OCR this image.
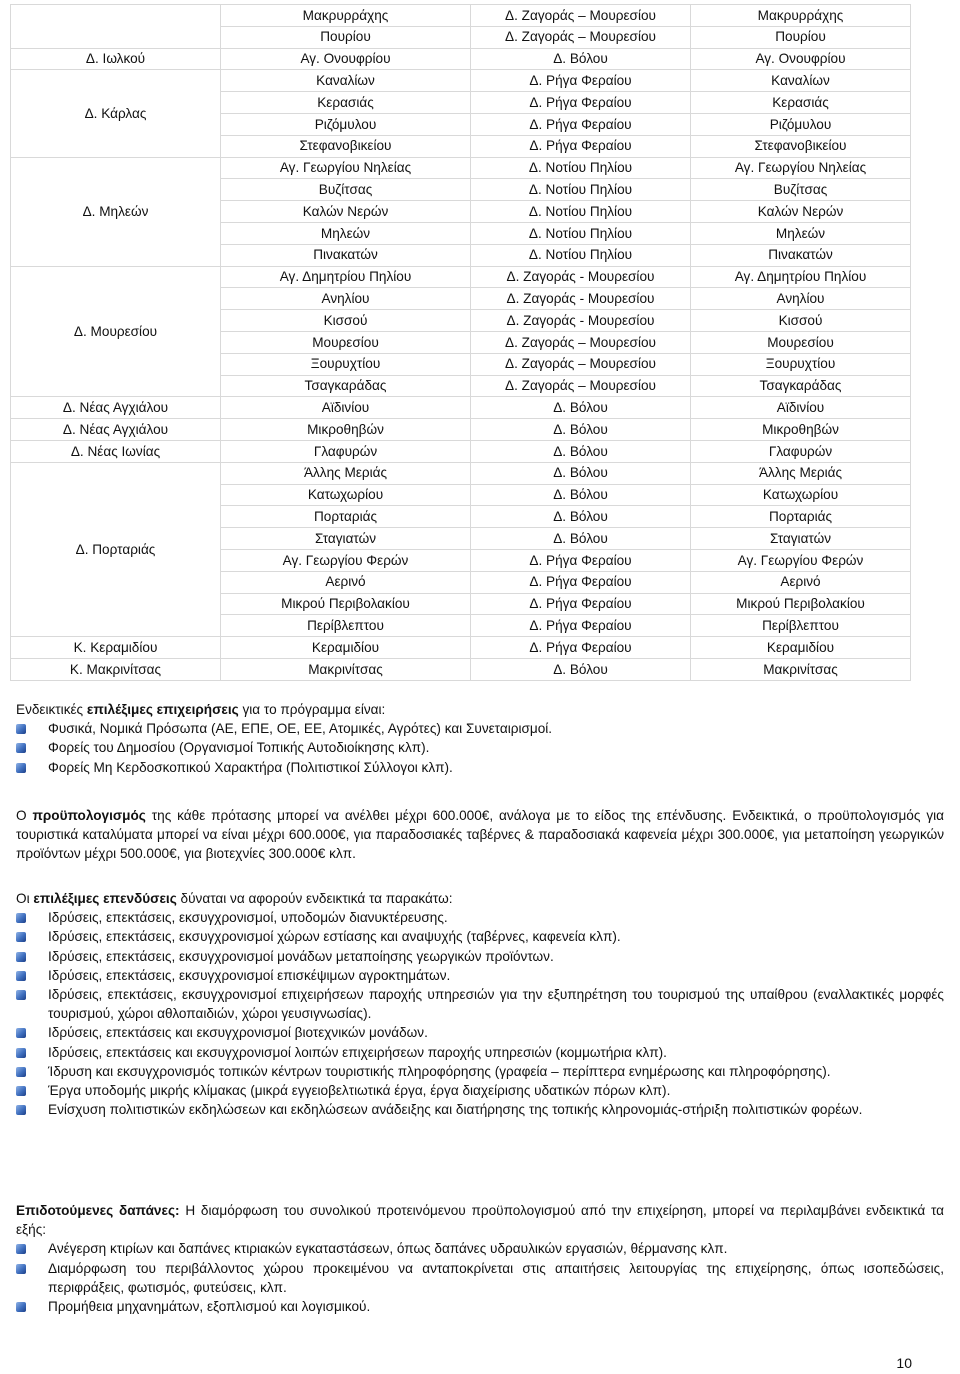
	Μακρυρράχης	Δ. Ζαγοράς – Μουρεσίου	Μακρυρράχης
	Πουρίου	Δ. Ζαγοράς – Μουρεσίου	Πουρίου
Δ. Ιωλκού	Αγ. Ονουφρίου	Δ. Βόλου	Αγ. Ονουφρίου
Δ. Κάρλας	Καναλίων	Δ. Ρήγα Φεραίου	Καναλίων
	Κερασιάς	Δ. Ρήγα Φεραίου	Κερασιάς
	Ριζόμυλου	Δ. Ρήγα Φεραίου	Ριζόμυλου
	Στεφανοβικείου	Δ. Ρήγα Φεραίου	Στεφανοβικείου
Δ. Μηλεών	Αγ. Γεωργίου Νηλείας	Δ. Νοτίου Πηλίου	Αγ. Γεωργίου Νηλείας
	Βυζίτσας	Δ. Νοτίου Πηλίου	Βυζίτσας
	Καλών Νερών	Δ. Νοτίου Πηλίου	Καλών Νερών
	Μηλεών	Δ. Νοτίου Πηλίου	Μηλεών
	Πινακατών	Δ. Νοτίου Πηλίου	Πινακατών
Δ. Μουρεσίου	Αγ. Δημητρίου Πηλίου	Δ. Ζαγοράς - Μουρεσίου	Αγ. Δημητρίου Πηλίου
	Ανηλίου	Δ. Ζαγοράς - Μουρεσίου	Ανηλίου
	Κισσού	Δ. Ζαγοράς - Μουρεσίου	Κισσού
	Μουρεσίου	Δ. Ζαγοράς – Μουρεσίου	Μουρεσίου
	Ξουρυχτίου	Δ. Ζαγοράς – Μουρεσίου	Ξουρυχτίου
	Τσαγκαράδας	Δ. Ζαγοράς – Μουρεσίου	Τσαγκαράδας
Δ. Νέας Αγχιάλου	Αϊδινίου	Δ. Βόλου	Αϊδινίου
Δ. Νέας Αγχιάλου	Μικροθηβών	Δ. Βόλου	Μικροθηβών
Δ. Νέας Ιωνίας	Γλαφυρών	Δ. Βόλου	Γλαφυρών
Δ. Πορταριάς	Άλλης Μεριάς	Δ. Βόλου	Άλλης Μεριάς
	Κατωχωρίου	Δ. Βόλου	Κατωχωρίου
	Πορταριάς	Δ. Βόλου	Πορταριάς
	Σταγιατών	Δ. Βόλου	Σταγιατών
	Αγ. Γεωργίου Φερών	Δ. Ρήγα Φεραίου	Αγ. Γεωργίου Φερών
	Αερινό	Δ. Ρήγα Φεραίου	Αερινό
	Μικρού Περιβολακίου	Δ. Ρήγα Φεραίου	Μικρού Περιβολακίου
	Περίβλεπτου	Δ. Ρήγα Φεραίου	Περίβλεπτου
Κ. Κεραμιδίου	Κεραμιδίου	Δ. Ρήγα Φεραίου	Κεραμιδίου
Κ. Μακρινίτσας	Μακρινίτσας	Δ. Βόλου	Μακρινίτσας

Ενδεικτικές επιλέξιμες επιχειρήσεις για το πρόγραμμα είναι:

Φυσικά, Νομικά Πρόσωπα (ΑΕ, ΕΠΕ, ΟΕ, ΕΕ, Ατομικές, Αγρότες) και Συνεταιρισμοί.
Φορείς του Δημοσίου (Οργανισμοί Τοπικής Αυτοδιοίκησης κλπ).
Φορείς Μη Κερδοσκοπικού Χαρακτήρα (Πολιτιστικοί Σύλλογοι κλπ).

Ο προϋπολογισμός της κάθε πρότασης μπορεί να ανέλθει μέχρι 600.000€, ανάλογα με το είδος της επένδυσης. Ενδεικτικά, ο προϋπολογισμός για τουριστικά καταλύματα μπορεί να είναι μέχρι 600.000€, για παραδοσιακές ταβέρνες & παραδοσιακά καφενεία μέχρι 300.000€, για μεταποίηση γεωργικών προϊόντων μέχρι 500.000€, για βιοτεχνίες 300.000€ κλπ.

Οι επιλέξιμες επενδύσεις δύναται να αφορούν ενδεικτικά τα παρακάτω:

Ιδρύσεις, επεκτάσεις, εκσυγχρονισμοί, υποδομών διανυκτέρευσης.
Ιδρύσεις, επεκτάσεις, εκσυγχρονισμοί χώρων εστίασης και αναψυχής (ταβέρνες, καφενεία κλπ).
Ιδρύσεις, επεκτάσεις, εκσυγχρονισμοί μονάδων μεταποίησης γεωργικών προϊόντων.
Ιδρύσεις, επεκτάσεις, εκσυγχρονισμοί επισκέψιμων αγροκτημάτων.
Ιδρύσεις, επεκτάσεις, εκσυγχρονισμοί επιχειρήσεων παροχής υπηρεσιών για την εξυπηρέτηση του τουρισμού της υπαίθρου (εναλλακτικές μορφές τουρισμού, χώροι αθλοπαιδιών, χώροι γευσιγνωσίας).
Ιδρύσεις, επεκτάσεις και εκσυγχρονισμοί βιοτεχνικών μονάδων.
Ιδρύσεις, επεκτάσεις και εκσυγχρονισμοί λοιπών επιχειρήσεων παροχής υπηρεσιών (κομμωτήρια κλπ).
Ίδρυση και εκσυγχρονισμός τοπικών κέντρων τουριστικής πληροφόρησης (γραφεία – περίπτερα ενημέρωσης και πληροφόρησης).
Έργα υποδομής μικρής κλίμακας (μικρά εγγειοβελτιωτικά έργα, έργα διαχείρισης υδατικών πόρων κλπ).
Ενίσχυση πολιτιστικών εκδηλώσεων και εκδηλώσεων ανάδειξης και διατήρησης της τοπικής κληρονομιάς-στήριξη πολιτιστικών φορέων.

Επιδοτούμενες δαπάνες: Η διαμόρφωση του συνολικού προτεινόμενου προϋπολογισμού από την επιχείρηση, μπορεί να περιλαμβάνει ενδεικτικά τα εξής:

Ανέγερση κτιρίων και δαπάνες κτιριακών εγκαταστάσεων, όπως δαπάνες υδραυλικών εργασιών, θέρμανσης κλπ.
Διαμόρφωση του περιβάλλοντος χώρου προκειμένου να ανταποκρίνεται στις απαιτήσεις λειτουργίας της επιχείρησης, όπως ισοπεδώσεις, περιφράξεις, φωτισμός, φυτεύσεις, κλπ.
Προμήθεια μηχανημάτων, εξοπλισμού και λογισμικού.
10
